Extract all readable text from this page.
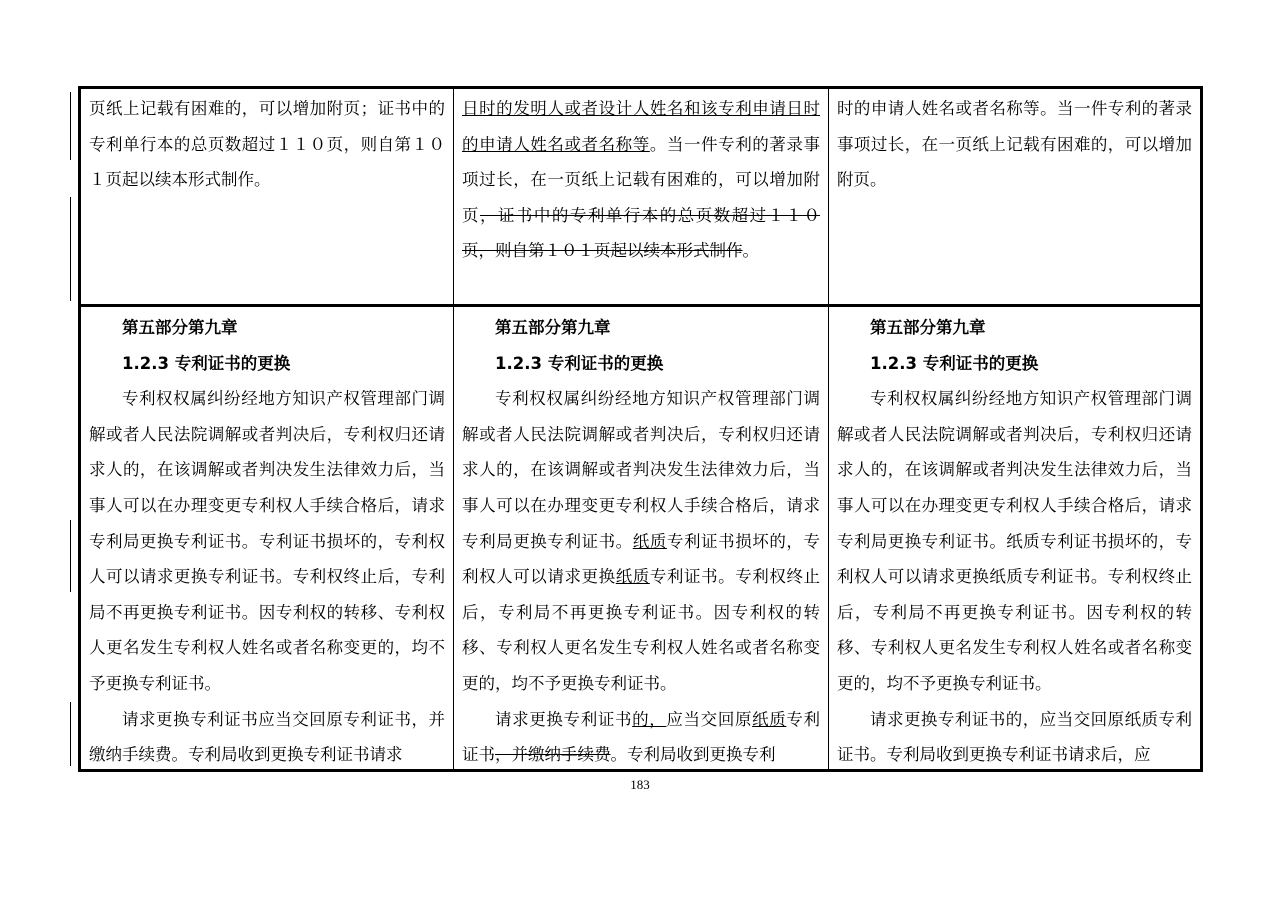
页纸上记载有困难的，可以增加附页；证书中的专利单行本的总页数超过１１０页，则自第１０１页起以续本形式制作。

日时的发明人或者设计人姓名和该专利申请日时的申请人姓名或者名称等。当一件专利的著录事项过长，在一页纸上记载有困难的，可以增加附页，证书中的专利单行本的总页数超过１１０页，则自第１０１页起以续本形式制作。

时的申请人姓名或者名称等。当一件专利的著录事项过长，在一页纸上记载有困难的，可以增加附页。

第五部分第九章

1.2.3 专利证书的更换

专利权权属纠纷经地方知识产权管理部门调解或者人民法院调解或者判决后，专利权归还请求人的，在该调解或者判决发生法律效力后，当事人可以在办理变更专利权人手续合格后，请求专利局更换专利证书。专利证书损坏的，专利权人可以请求更换专利证书。专利权终止后，专利局不再更换专利证书。因专利权的转移、专利权人更名发生专利权人姓名或者名称变更的，均不予更换专利证书。

请求更换专利证书应当交回原专利证书，并缴纳手续费。专利局收到更换专利证书请求

第五部分第九章

1.2.3 专利证书的更换

专利权权属纠纷经地方知识产权管理部门调解或者人民法院调解或者判决后，专利权归还请求人的，在该调解或者判决发生法律效力后，当事人可以在办理变更专利权人手续合格后，请求专利局更换专利证书。纸质专利证书损坏的，专利权人可以请求更换纸质专利证书。专利权终止后，专利局不再更换专利证书。因专利权的转移、专利权人更名发生专利权人姓名或者名称变更的，均不予更换专利证书。

请求更换专利证书的，应当交回原纸质专利证书，并缴纳手续费。专利局收到更换专利

第五部分第九章

1.2.3 专利证书的更换

专利权权属纠纷经地方知识产权管理部门调解或者人民法院调解或者判决后，专利权归还请求人的，在该调解或者判决发生法律效力后，当事人可以在办理变更专利权人手续合格后，请求专利局更换专利证书。纸质专利证书损坏的，专利权人可以请求更换纸质专利证书。专利权终止后，专利局不再更换专利证书。因专利权的转移、专利权人更名发生专利权人姓名或者名称变更的，均不予更换专利证书。

请求更换专利证书的，应当交回原纸质专利证书。专利局收到更换专利证书请求后，应

183
